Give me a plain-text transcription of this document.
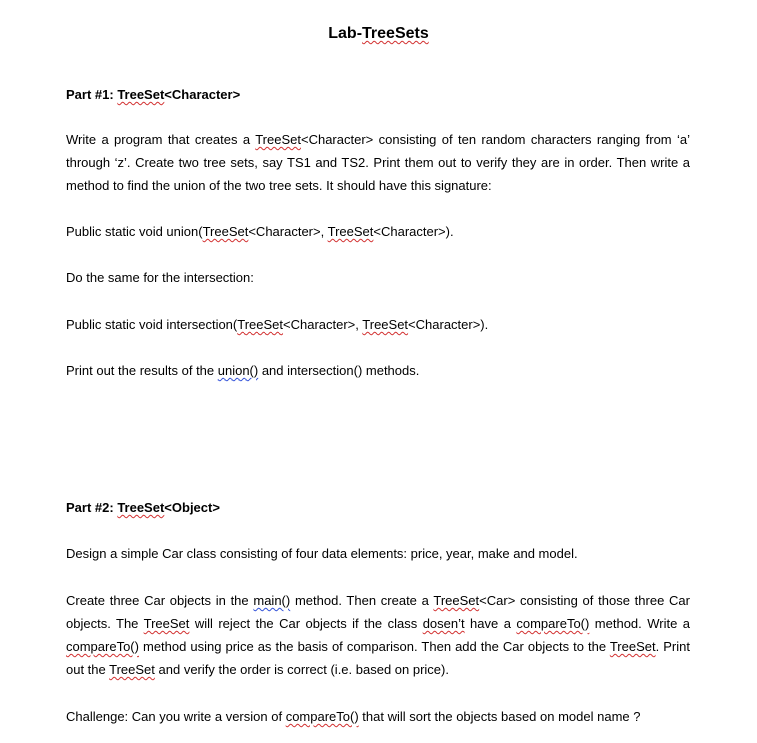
Lab-TreeSets
Part #1: TreeSet<Character>

Write a program that creates a TreeSet<Character> consisting of ten random characters ranging from ‘a’ through ‘z’. Create two tree sets, say TS1 and TS2. Print them out to verify they are in order. Then write a method to find the union of the two tree sets. It should have this signature:

Public static void union(TreeSet<Character>, TreeSet<Character>).

Do the same for the intersection:

Public static void intersection(TreeSet<Character>, TreeSet<Character>).

Print out the results of the union() and intersection() methods.

Part #2: TreeSet<Object>

Design a simple Car class consisting of four data elements: price, year, make and model.

Create three Car objects in the main() method. Then create a TreeSet<Car> consisting of those three Car objects. The TreeSet will reject the Car objects if the class dosen’t have a compareTo() method. Write a compareTo() method using price as the basis of comparison. Then add the Car objects to the TreeSet. Print out the TreeSet and verify the order is correct (i.e. based on price).

Challenge: Can you write a version of compareTo() that will sort the objects based on model name ?
